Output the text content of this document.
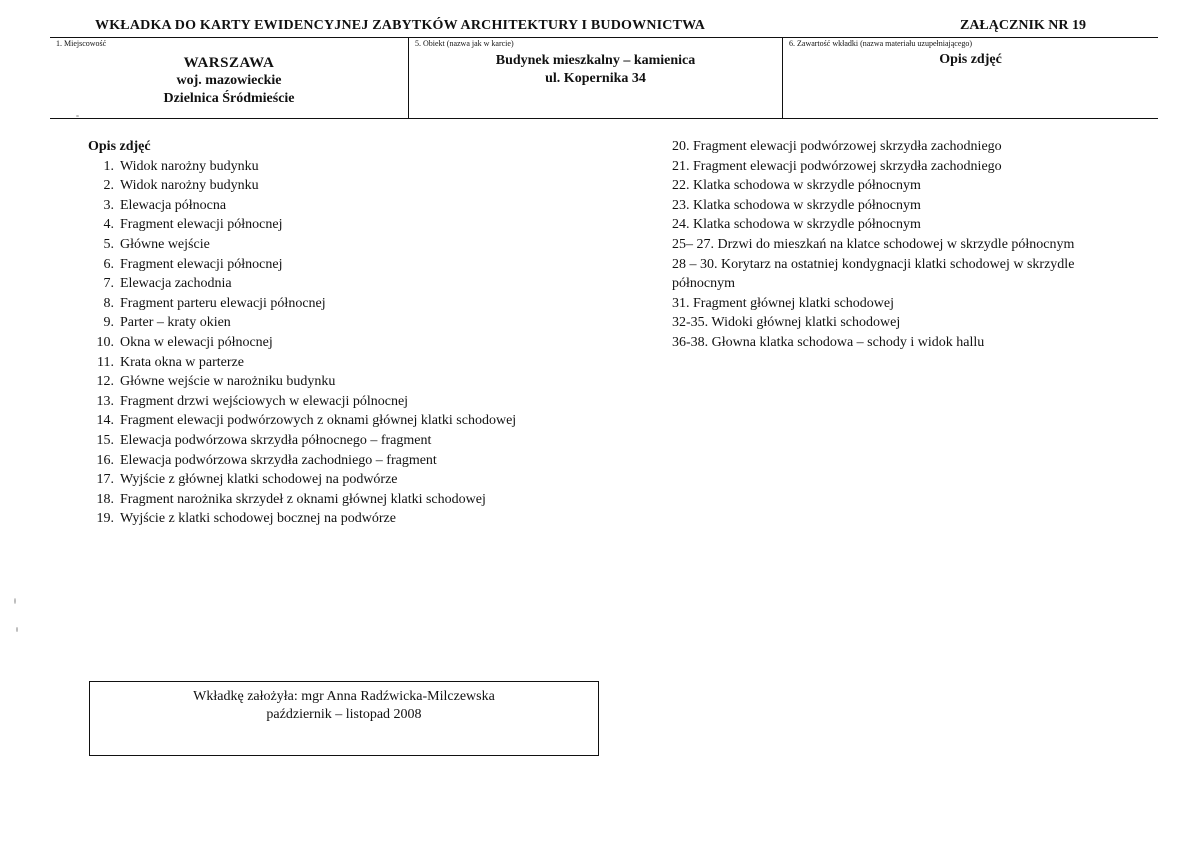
WKŁADKA DO KARTY EWIDENCYJNEJ ZABYTKÓW ARCHITEKTURY I BUDOWNICTWA	ZAŁĄCZNIK NR 19
1. Miejscowość
WARSZAWA
woj. mazowieckie
Dzielnica Śródmieście
5. Obiekt (nazwa jak w karcie)
Budynek mieszkalny – kamienica
ul. Kopernika 34
6. Zawartość wkładki (nazwa materiału uzupełniającego)
Opis zdjęć
Opis zdjęć
1. Widok narożny budynku
2. Widok narożny budynku
3. Elewacja północna
4. Fragment elewacji północnej
5. Główne wejście
6. Fragment elewacji północnej
7. Elewacja zachodnia
8. Fragment parteru elewacji północnej
9. Parter – kraty okien
10. Okna w elewacji północnej
11. Krata okna w parterze
12. Główne wejście w narożniku budynku
13. Fragment drzwi wejściowych w elewacji pólnocnej
14. Fragment elewacji podwórzowych z oknami głównej klatki schodowej
15. Elewacja podwórzowa skrzydła północnego – fragment
16. Elewacja podwórzowa skrzydła zachodniego – fragment
17. Wyjście z głównej klatki schodowej na podwórze
18. Fragment narożnika skrzydeł z oknami głównej klatki schodowej
19. Wyjście z klatki schodowej bocznej na podwórze
20. Fragment elewacji podwórzowej skrzydła zachodniego
21. Fragment elewacji podwórzowej skrzydła zachodniego
22. Klatka schodowa w skrzydle północnym
23. Klatka schodowa w skrzydle północnym
24. Klatka schodowa w skrzydle północnym
25– 27. Drzwi do mieszkań na klatce schodowej w skrzydle północnym
28 – 30. Korytarz na ostatniej kondygnacji klatki schodowej w skrzydle północnym
31. Fragment głównej klatki schodowej
32-35. Widoki głównej klatki schodowej
36-38. Głowna klatka schodowa – schody i widok hallu
Wkładkę założyła: mgr Anna Radźwicka-Milczewska
październik – listopad 2008
